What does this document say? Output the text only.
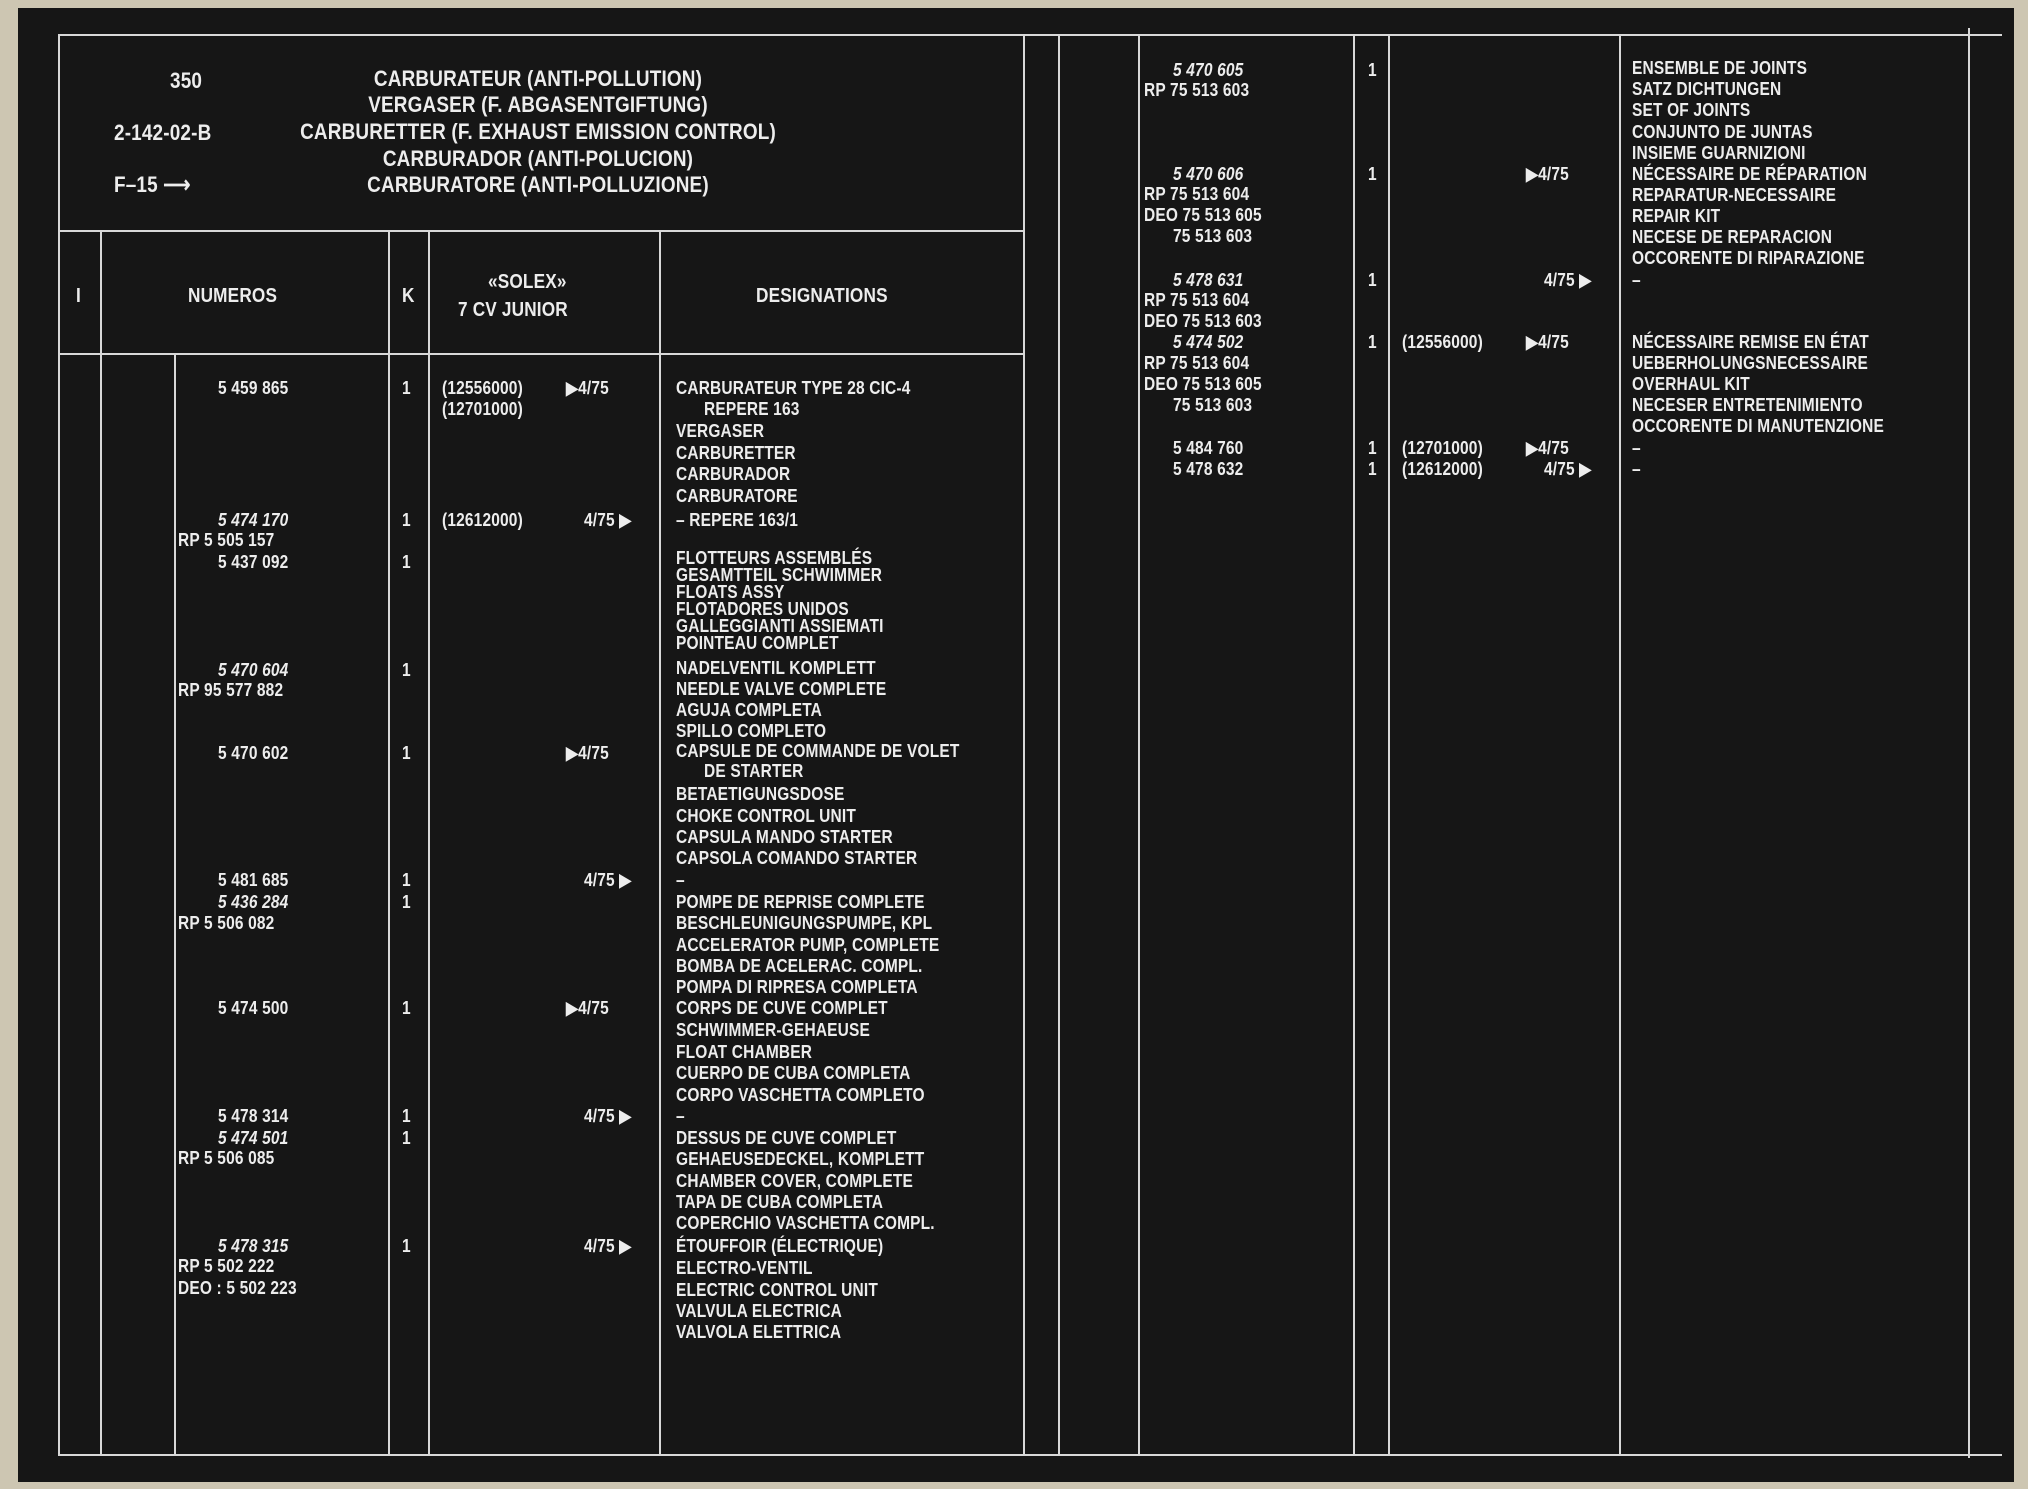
350
2-142-02-B
F–15 ⟶
CARBURATEUR (ANTI-POLLUTION)
VERGASER (F. ABGASENTGIFTUNG)
CARBURETTER (F. EXHAUST EMISSION CONTROL)
CARBURADOR (ANTI-POLUCION)
CARBURATORE (ANTI-POLLUZIONE)
I	NUMEROS	K
«SOLEX»
7 CV JUNIOR
DESIGNATIONS
5 459 865
5 474 170
RP 5 505 157
5 437 092
5 470 604
RP 95 577 882
5 470 602
5 481 685
5 436 284
RP 5 506 082
5 474 500
5 478 314
5 474 501
RP 5 506 085
5 478 315
RP 5 502 222
DEO : 5 502 223
1
1
1
1
1
1
1
1
1
1
1
(12556000)
(12701000)
(12612000)
▶4/75
4/75 ▶
▶4/75
4/75 ▶
▶4/75
4/75 ▶
4/75 ▶
CARBURATEUR TYPE 28 CIC-4
REPERE 163
VERGASER
CARBURETTER
CARBURADOR
CARBURATORE
– REPERE 163/1
FLOTTEURS ASSEMBLÉS
GESAMTTEIL SCHWIMMER
FLOATS ASSY
FLOTADORES UNIDOS
GALLEGGIANTI ASSIEMATI
POINTEAU COMPLET
NADELVENTIL KOMPLETT
NEEDLE VALVE COMPLETE
AGUJA COMPLETA
SPILLO COMPLETO
CAPSULE DE COMMANDE DE VOLET
DE STARTER
BETAETIGUNGSDOSE
CHOKE CONTROL UNIT
CAPSULA MANDO STARTER
CAPSOLA COMANDO STARTER
–
POMPE DE REPRISE COMPLETE
BESCHLEUNIGUNGSPUMPE, KPL
ACCELERATOR PUMP, COMPLETE
BOMBA DE ACELERAC. COMPL.
POMPA DI RIPRESA COMPLETA
CORPS DE CUVE COMPLET
SCHWIMMER-GEHAEUSE
FLOAT CHAMBER
CUERPO DE CUBA COMPLETA
CORPO VASCHETTA COMPLETO
–
DESSUS DE CUVE COMPLET
GEHAEUSEDECKEL, KOMPLETT
CHAMBER COVER, COMPLETE
TAPA DE CUBA COMPLETA
COPERCHIO VASCHETTA COMPL.
ÉTOUFFOIR (ÉLECTRIQUE)
ELECTRO-VENTIL
ELECTRIC CONTROL UNIT
VALVULA ELECTRICA
VALVOLA ELETTRICA
5 470 605
RP 75 513 603
5 470 606
RP 75 513 604
DEO 75 513 605
75 513 603
5 478 631
RP 75 513 604
DEO 75 513 603
5 474 502
RP 75 513 604
DEO 75 513 605
75 513 603
5 484 760
5 478 632
1
1
1
1
1
1
(12556000)
(12701000)
(12612000)
▶4/75
4/75 ▶
▶4/75
▶4/75
4/75 ▶
ENSEMBLE DE JOINTS
SATZ DICHTUNGEN
SET OF JOINTS
CONJUNTO DE JUNTAS
INSIEME GUARNIZIONI
NÉCESSAIRE DE RÉPARATION
REPARATUR-NECESSAIRE
REPAIR KIT
NECESE DE REPARACION
OCCORENTE DI RIPARAZIONE
–
NÉCESSAIRE REMISE EN ÉTAT
UEBERHOLUNGSNECESSAIRE
OVERHAUL KIT
NECESER ENTRETENIMIENTO
OCCORENTE DI MANUTENZIONE
–
–
